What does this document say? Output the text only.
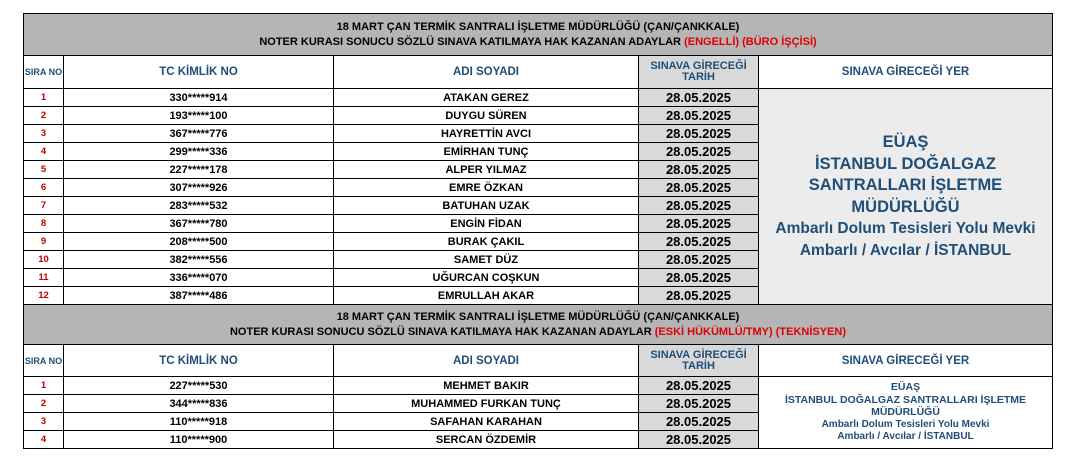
18 MART ÇAN TERMİK SANTRALI İŞLETME MÜDÜRLÜĞÜ (ÇAN/ÇANKKALE)
NOTER KURASI SONUCU SÖZLÜ SINAVA KATILMAYA HAK KAZANAN ADAYLAR (ENGELLİ) (BÜRO İŞÇİSİ)				

SIRA NO	TC KİMLİK NO	ADI SOYADI	SINAVA GİRECEĞİ TARİH	SINAVA GİRECEĞİ YER
1	330*****914	ATAKAN GEREZ	28.05.2025	EÜAŞ
İSTANBUL DOĞALGAZ SANTRALLARI İŞLETME MÜDÜRLÜĞÜ
Ambarlı Dolum Tesisleri Yolu Mevki
Ambarlı / Avcılar / İSTANBUL

2	193*****100	DUYGU SÜREN	28.05.2025	
3	367*****776	HAYRETTİN AVCI	28.05.2025	
4	299*****336	EMİRHAN TUNÇ	28.05.2025	
5	227*****178	ALPER YILMAZ	28.05.2025	
6	307*****926	EMRE ÖZKAN	28.05.2025	
7	283*****532	BATUHAN UZAK	28.05.2025	
8	367*****780	ENGİN FİDAN	28.05.2025	
9	208*****500	BURAK ÇAKIL	28.05.2025	
10	382*****556	SAMET DÜZ	28.05.2025	
11	336*****070	UĞURCAN COŞKUN	28.05.2025	
12	387*****486	EMRULLAH AKAR	28.05.2025	

18 MART ÇAN TERMİK SANTRALI İŞLETME MÜDÜRLÜĞÜ (ÇAN/ÇANKKALE)
NOTER KURASI SONUCU SÖZLÜ SINAVA KATILMAYA HAK KAZANAN ADAYLAR (ESKİ HÜKÜMLÜ/TMY) (TEKNİSYEN)				

SIRA NO	TC KİMLİK NO	ADI SOYADI	SINAVA GİRECEĞİ TARİH	SINAVA GİRECEĞİ YER
1	227*****530	MEHMET BAKIR	28.05.2025	EÜAŞ
İSTANBUL DOĞALGAZ SANTRALLARI İŞLETME MÜDÜRLÜĞÜ
Ambarlı Dolum Tesisleri Yolu Mevki
Ambarlı / Avcılar / İSTANBUL

2	344*****836	MUHAMMED FURKAN TUNÇ	28.05.2025	
3	110*****918	SAFAHAN KARAHAN	28.05.2025	
4	110*****900	SERCAN ÖZDEMİR	28.05.2025	
